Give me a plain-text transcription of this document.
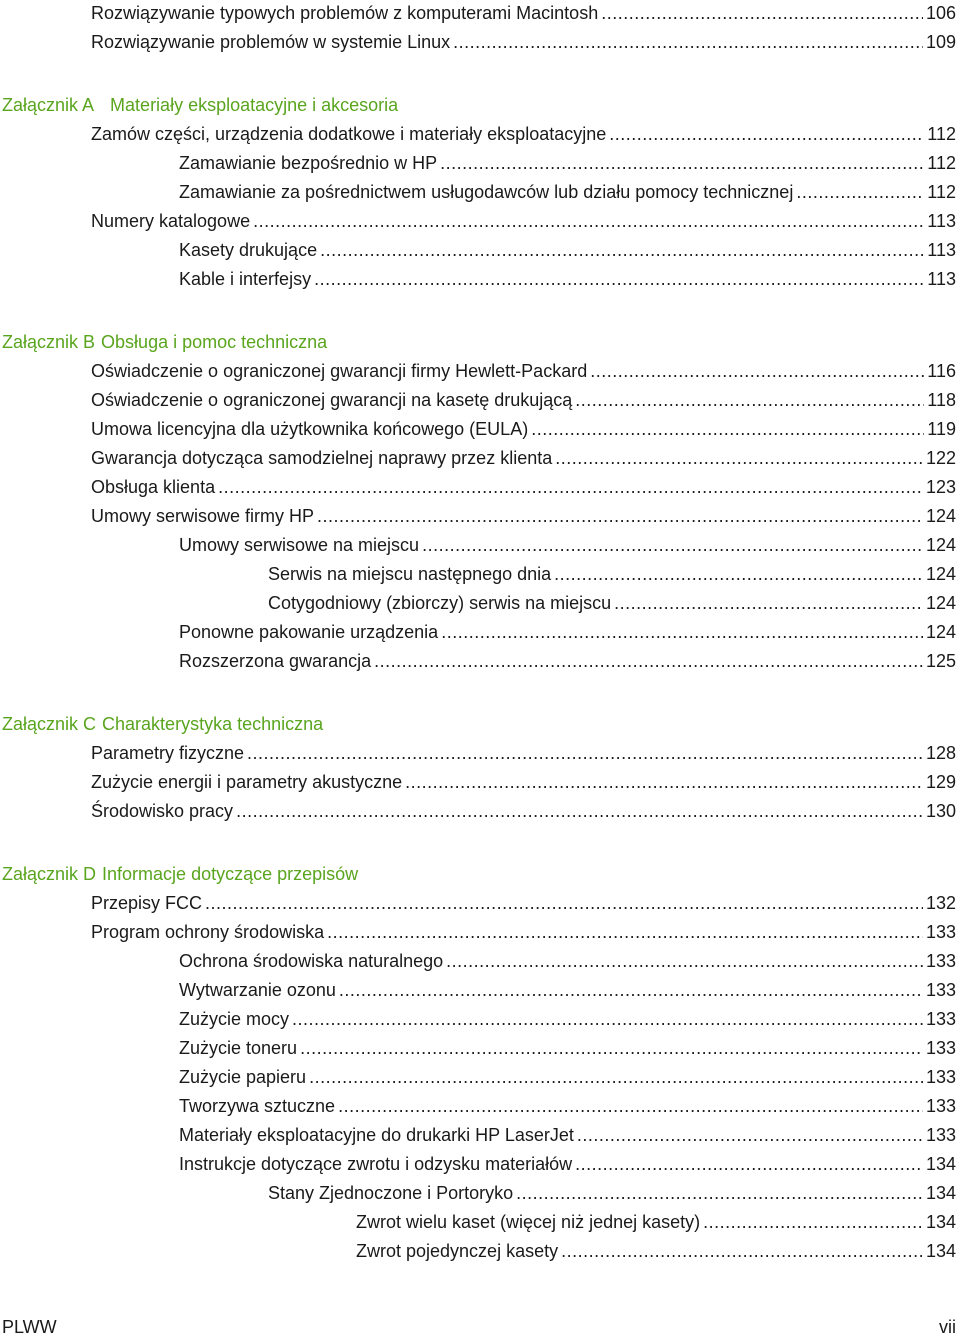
Rozwiązywanie typowych problemów z komputerami Macintosh .....	106
Rozwiązywanie problemów w systemie Linux .....	109
Załącznik A Materiały eksploatacyjne i akcesoria
Zamów części, urządzenia dodatkowe i materiały eksploatacyjne .....	112
Zamawianie bezpośrednio w HP .....	112
Zamawianie za pośrednictwem usługodawców lub działu pomocy technicznej .....	112
Numery katalogowe .....	113
Kasety drukujące .....	113
Kable i interfejsy .....	113
Załącznik B Obsługa i pomoc techniczna
Oświadczenie o ograniczonej gwarancji firmy Hewlett-Packard .....	116
Oświadczenie o ograniczonej gwarancji na kasetę drukującą .....	118
Umowa licencyjna dla użytkownika końcowego (EULA) .....	119
Gwarancja dotycząca samodzielnej naprawy przez klienta .....	122
Obsługa klienta .....	123
Umowy serwisowe firmy HP .....	124
Umowy serwisowe na miejscu .....	124
Serwis na miejscu następnego dnia .....	124
Cotygodniowy (zbiorczy) serwis na miejscu .....	124
Ponowne pakowanie urządzenia .....	124
Rozszerzona gwarancja .....	125
Załącznik C Charakterystyka techniczna
Parametry fizyczne .....	128
Zużycie energii i parametry akustyczne .....	129
Środowisko pracy .....	130
Załącznik D Informacje dotyczące przepisów
Przepisy FCC .....	132
Program ochrony środowiska .....	133
Ochrona środowiska naturalnego .....	133
Wytwarzanie ozonu .....	133
Zużycie mocy .....	133
Zużycie toneru .....	133
Zużycie papieru .....	133
Tworzywa sztuczne .....	133
Materiały eksploatacyjne do drukarki HP LaserJet .....	133
Instrukcje dotyczące zwrotu i odzysku materiałów .....	134
Stany Zjednoczone i Portoryko .....	134
Zwrot wielu kaset (więcej niż jednej kasety) .....	134
Zwrot pojedynczej kasety .....	134
PLWW	vii
